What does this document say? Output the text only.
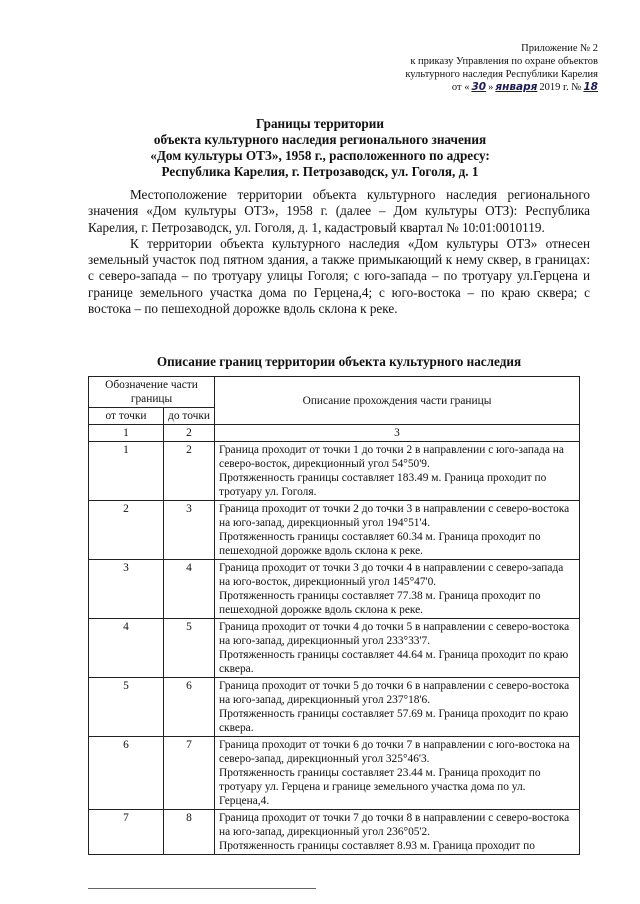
Приложение № 2
к приказу Управления по охране объектов
культурного наследия Республики Карелия
от « 30 » января 2019 г. № 18
Границы территории
объекта культурного наследия регионального значения
«Дом культуры ОТЗ», 1958 г., расположенного по адресу:
Республика Карелия, г. Петрозаводск, ул. Гоголя, д. 1

Местоположение территории объекта культурного наследия регионального значения «Дом культуры ОТЗ», 1958 г. (далее – Дом культуры ОТЗ): Республика Карелия, г. Петрозаводск, ул. Гоголя, д. 1, кадастровый квартал № 10:01:0010119.

К территории объекта культурного наследия «Дом культуры ОТЗ» отнесен земельный участок под пятном здания, а также примыкающий к нему сквер, в границах: с северо-запада – по тротуару улицы Гоголя; с юго-запада – по тротуару ул.Герцена и границе земельного участка дома по Герцена,4; с юго-востока – по краю сквера; с востока – по пешеходной дорожке вдоль склона к реке.

Описание границ территории объекта культурного наследия
Обозначение части границы		Описание прохождения части границы
от точки	до точки	
1	2	3
1	2	Граница проходит от точки 1 до точки 2 в направлении с юго-запада на северо-восток, дирекционный угол 54°50'9.
Протяженность границы составляет 183.49 м. Граница проходит по тротуару ул. Гоголя.

2	3	Граница проходит от точки 2 до точки 3 в направлении с северо-востока на юго-запад, дирекционный угол 194°51'4.
Протяженность границы составляет 60.34 м. Граница проходит по пешеходной дорожке вдоль склона к реке.

3	4	Граница проходит от точки 3 до точки 4 в направлении с северо-запада на юго-восток, дирекционный угол 145°47'0.
Протяженность границы составляет 77.38 м. Граница проходит по пешеходной дорожке вдоль склона к реке.

4	5	Граница проходит от точки 4 до точки 5 в направлении с северо-востока на юго-запад, дирекционный угол 233°33'7.
Протяженность границы составляет 44.64 м. Граница проходит по краю сквера.

5	6	Граница проходит от точки 5 до точки 6 в направлении с северо-востока на юго-запад, дирекционный угол 237°18'6.
Протяженность границы составляет 57.69 м. Граница проходит по краю сквера.

6	7	Граница проходит от точки 6 до точки 7 в направлении с юго-востока на северо-запад, дирекционный угол 325°46'3.
Протяженность границы составляет 23.44 м. Граница проходит по тротуару ул. Герцена и границе земельного участка дома по ул. Герцена,4.

7	8	Граница проходит от точки 7 до точки 8 в направлении с северо-востока на юго-запад, дирекционный угол 236°05'2.
Протяженность границы составляет 8.93 м. Граница проходит по
